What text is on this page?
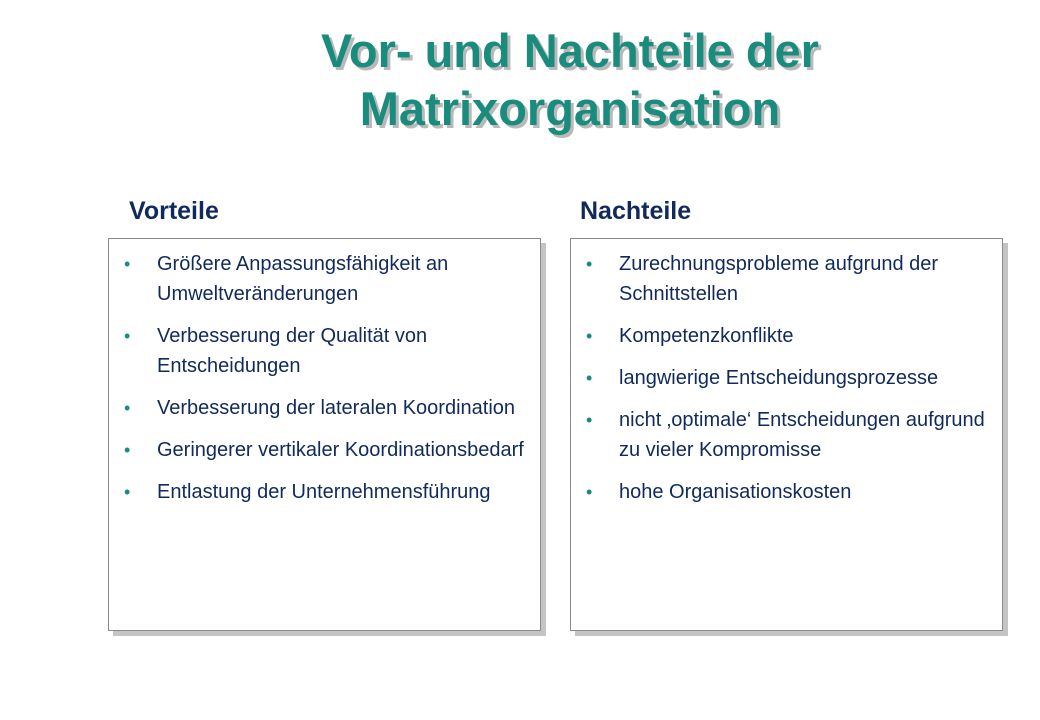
Vor- und Nachteile der
Matrixorganisation
Vorteile	Nachteile
• Größere Anpassungsfähigkeit an Umweltveränderungen
• Verbesserung der Qualität von Entscheidungen
• Verbesserung der lateralen Koordination
• Geringerer vertikaler Koordinationsbedarf
• Entlastung der Unternehmensführung
• Zurechnungsprobleme aufgrund der Schnittstellen
• Kompetenzkonflikte
• langwierige Entscheidungsprozesse
• nicht ‚optimale‘ Entscheidungen aufgrund zu vieler Kompromisse
• hohe Organisationskosten
